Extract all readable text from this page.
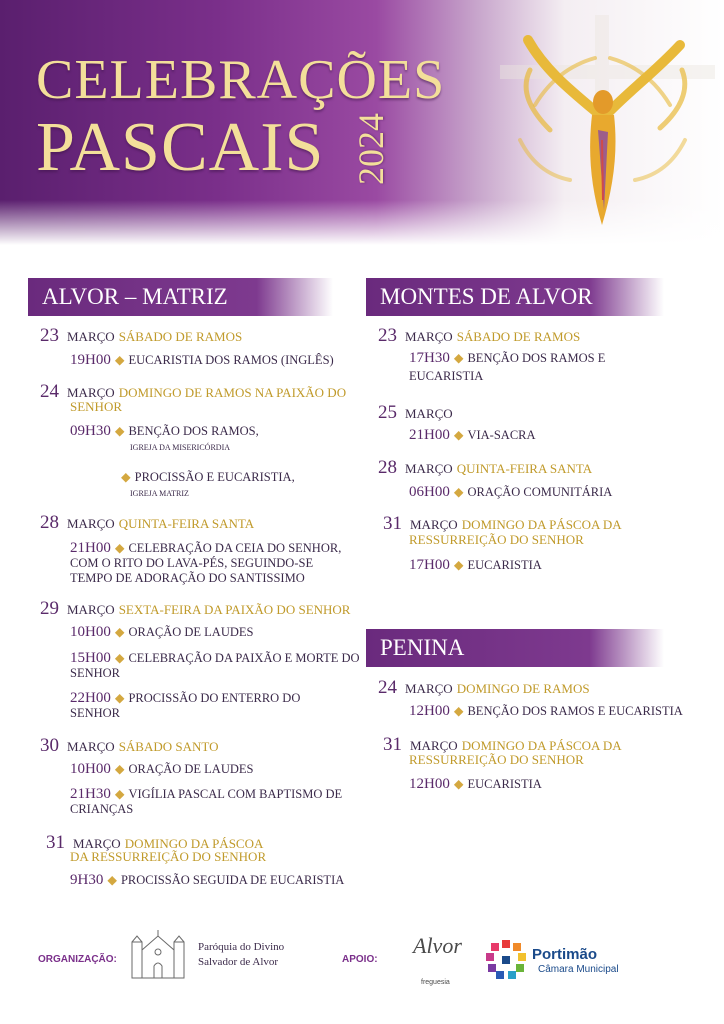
CELEBRAÇÕES
PASCAIS 2024
ALVOR – MATRIZ
23 MARÇO SÁBADO DE RAMOS
19H00 ◆ EUCARISTIA DOS RAMOS (INGLÊS)
24 MARÇO DOMINGO DE RAMOS NA PAIXÃO DO
SENHOR
09H30 ◆ BENÇÃO DOS RAMOS,
IGREJA DA MISERICÓRDIA
◆ PROCISSÃO E EUCARISTIA,
IGREJA MATRIZ
28 MARÇO QUINTA-FEIRA SANTA
21H00 ◆ CELEBRAÇÃO DA CEIA DO SENHOR,
COM O RITO DO LAVA-PÉS, SEGUINDO-SE
TEMPO DE ADORAÇÃO DO SANTISSIMO
29 MARÇO SEXTA-FEIRA DA PAIXÃO DO SENHOR
10H00 ◆ ORAÇÃO DE LAUDES
15H00 ◆ CELEBRAÇÃO DA PAIXÃO E MORTE DO
SENHOR
22H00 ◆ PROCISSÃO DO ENTERRO DO
SENHOR
30 MARÇO SÁBADO SANTO
10H00 ◆ ORAÇÃO DE LAUDES
21H30 ◆ VIGÍLIA PASCAL COM BAPTISMO DE
CRIANÇAS
31 MARÇO DOMINGO DA PÁSCOA
DA RESSURREIÇÃO DO SENHOR
9H30 ◆ PROCISSÃO SEGUIDA DE EUCARISTIA
MONTES DE ALVOR
23 MARÇO SÁBADO DE RAMOS
17H30 ◆ BENÇÃO DOS RAMOS E
EUCARISTIA
25 MARÇO
21H00 ◆ VIA-SACRA
28 MARÇO QUINTA-FEIRA SANTA
06H00 ◆ ORAÇÃO COMUNITÁRIA
31 MARÇO DOMINGO DA PÁSCOA DA
RESSURREIÇÃO DO SENHOR
17H00 ◆ EUCARISTIA
PENINA
24 MARÇO DOMINGO DE RAMOS
12H00 ◆ BENÇÃO DOS RAMOS E EUCARISTIA
31 MARÇO DOMINGO DA PÁSCOA DA
RESSURREIÇÃO DO SENHOR
12H00 ◆ EUCARISTIA
ORGANIZAÇÃO:
Paróquia do Divino
Salvador de Alvor	APOIO:
Alvor
freguesia
Portimão
Câmara Municipal
